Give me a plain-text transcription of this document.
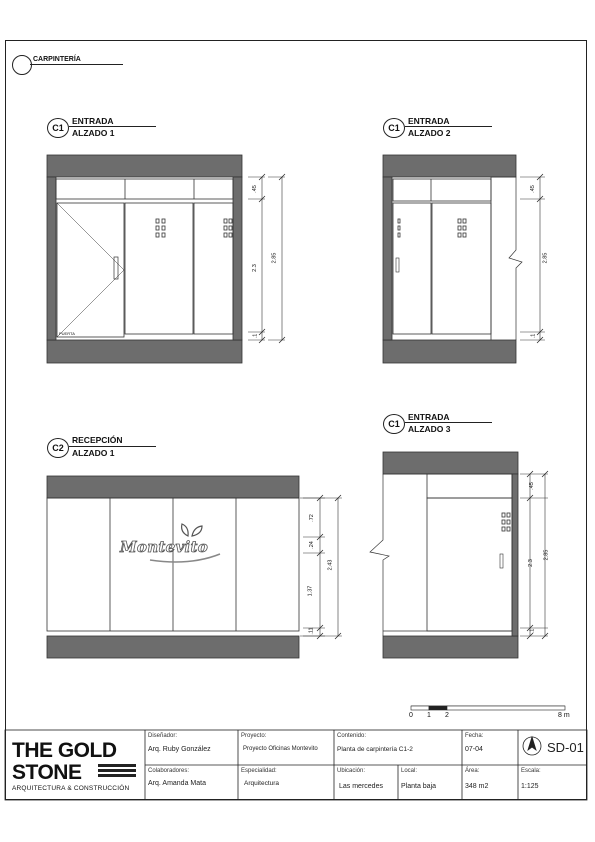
CARPINTERÍA
C1
ENTRADA
ALZADO 1	C1
ENTRADA
ALZADO 2
C2
RECEPCIÓN
ALZADO 1
C1
ENTRADA
ALZADO 3
.45
2.3
.1
2.85
.45
.1
2.85
.72
.24
1.37
.11
2.43
.45
2.3
.1
2.85
PUERTA
Montevito
0 1 2	8 m
THE GOLD
STONE
ARQUITECTURA & CONSTRUCCIÓN
Diseñador:
Arq. Ruby González
Proyecto:
Proyecto Oficinas Montevito
Contenido:
Planta de carpintería C1-2
Fecha:
07-04	SD-01
Colaboradores:
Arq. Amanda Mata
Especialidad:
Arquitectura
Ubicación:
Las mercedes
Local:
Planta baja
Área:
348 m2
Escala:
1:125
